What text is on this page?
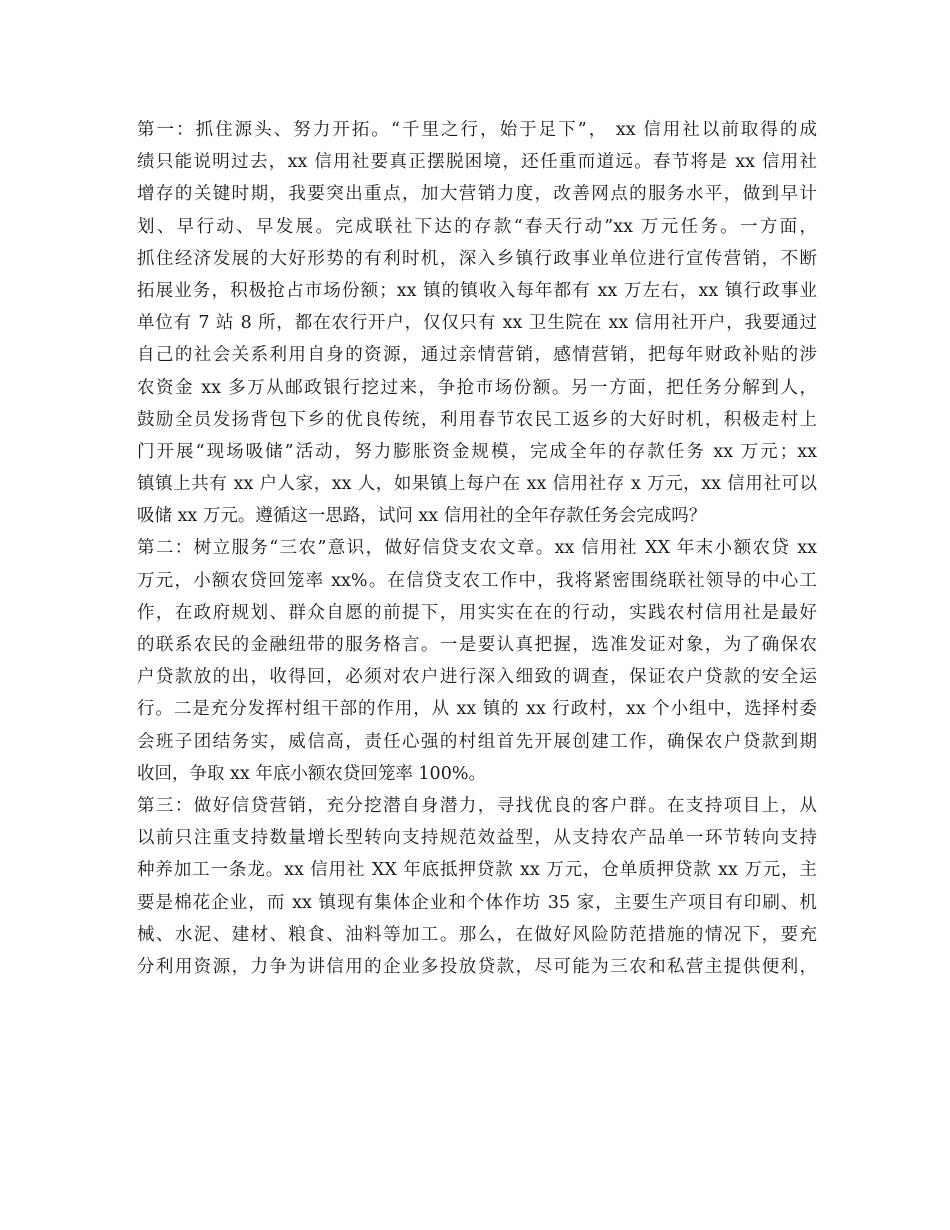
第一：抓住源头、努力开拓。“千里之行，始于足下”， xx 信用社以前取得的成
绩只能说明过去，xx 信用社要真正摆脱困境，还任重而道远。春节将是 xx 信用社
增存的关键时期，我要突出重点，加大营销力度，改善网点的服务水平，做到早计
划、早行动、早发展。完成联社下达的存款“春天行动”xx 万元任务。一方面，
抓住经济发展的大好形势的有利时机，深入乡镇行政事业单位进行宣传营销，不断
拓展业务，积极抢占市场份额；xx 镇的镇收入每年都有 xx 万左右，xx 镇行政事业
单位有 7 站 8 所，都在农行开户，仅仅只有 xx 卫生院在 xx 信用社开户，我要通过
自己的社会关系利用自身的资源，通过亲情营销，感情营销，把每年财政补贴的涉
农资金 xx 多万从邮政银行挖过来，争抢市场份额。另一方面，把任务分解到人，
鼓励全员发扬背包下乡的优良传统，利用春节农民工返乡的大好时机，积极走村上
门开展“现场吸储”活动，努力膨胀资金规模，完成全年的存款任务 xx 万元；xx
镇镇上共有 xx 户人家，xx 人，如果镇上每户在 xx 信用社存 x 万元，xx 信用社可以
吸储 xx 万元。遵循这一思路，试问 xx 信用社的全年存款任务会完成吗？
第二：树立服务“三农”意识，做好信贷支农文章。xx 信用社 XX 年末小额农贷 xx
万元，小额农贷回笼率 xx%。在信贷支农工作中，我将紧密围绕联社领导的中心工
作，在政府规划、群众自愿的前提下，用实实在在的行动，实践农村信用社是最好
的联系农民的金融纽带的服务格言。一是要认真把握，选准发证对象，为了确保农
户贷款放的出，收得回，必须对农户进行深入细致的调查，保证农户贷款的安全运
行。二是充分发挥村组干部的作用，从 xx 镇的 xx 行政村，xx 个小组中，选择村委
会班子团结务实，威信高，责任心强的村组首先开展创建工作，确保农户贷款到期
收回，争取 xx 年底小额农贷回笼率 100%。
第三：做好信贷营销，充分挖潜自身潜力，寻找优良的客户群。在支持项目上，从
以前只注重支持数量增长型转向支持规范效益型，从支持农产品单一环节转向支持
种养加工一条龙。xx 信用社 XX 年底抵押贷款 xx 万元，仓单质押贷款 xx 万元，主
要是棉花企业，而 xx 镇现有集体企业和个体作坊 35 家，主要生产项目有印刷、机
械、水泥、建材、粮食、油料等加工。那么，在做好风险防范措施的情况下，要充
分利用资源，力争为讲信用的企业多投放贷款，尽可能为三农和私营主提供便利，
